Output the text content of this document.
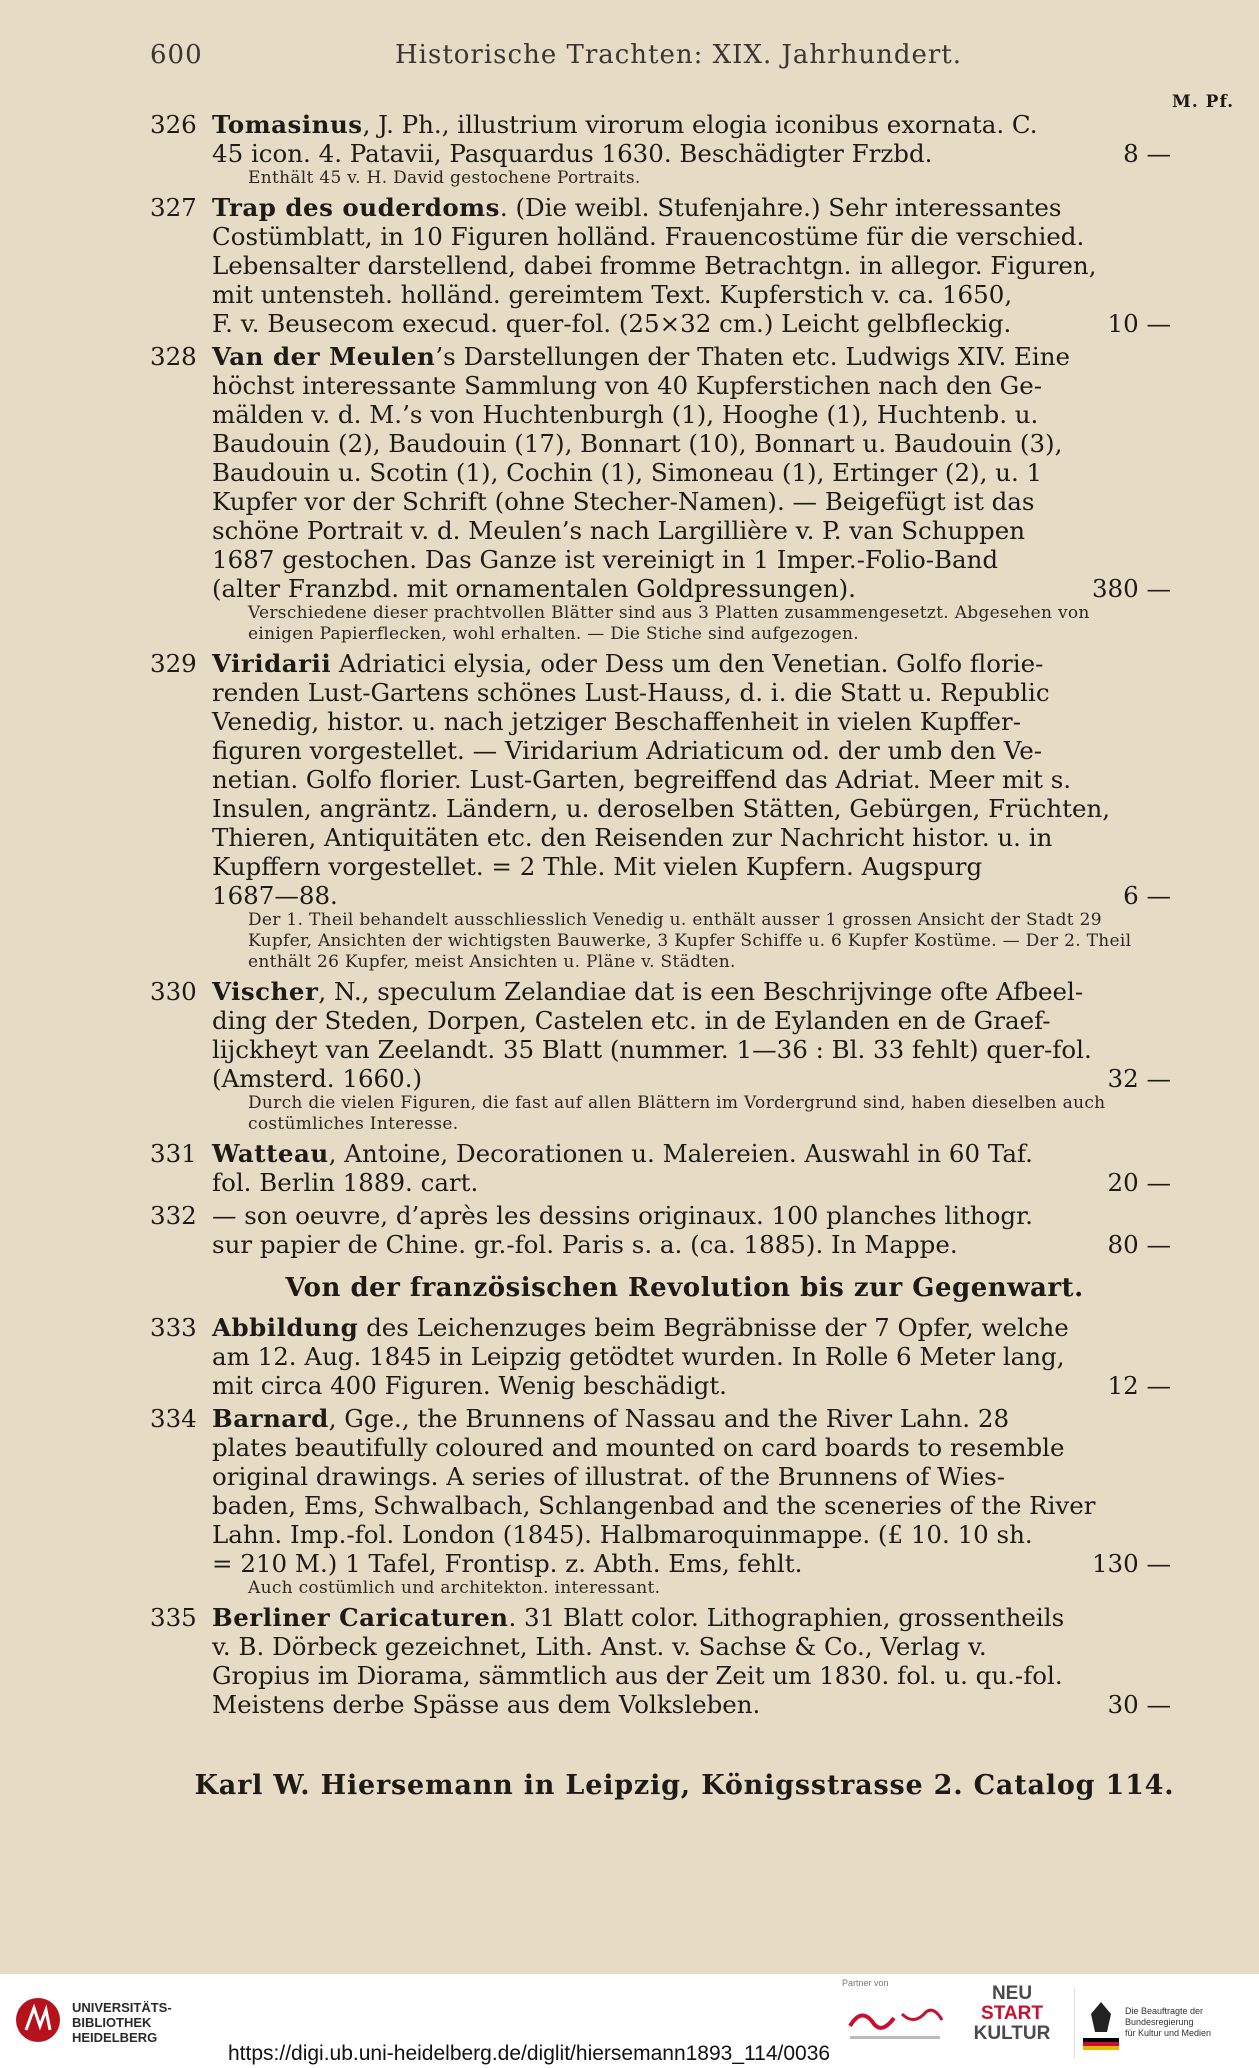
600	Historische Trachten: XIX. Jahrhundert.
M. Pf.
326 Tomasinus, J. Ph., illustrium virorum elogia iconibus exornata. C.
45 icon. 4. Patavii, Pasquardus 1630. Beschädigter Frzbd.	8 —
Enthält 45 v. H. David gestochene Portraits.
327 Trap des ouderdoms. (Die weibl. Stufenjahre.) Sehr interessantes
Costümblatt, in 10 Figuren holländ. Frauencostüme für die verschied.
Lebensalter darstellend, dabei fromme Betrachtgn. in allegor. Figuren,
mit untensteh. holländ. gereimtem Text. Kupferstich v. ca. 1650,
F. v. Beusecom execud. quer-fol. (25×32 cm.) Leicht gelbfleckig.	10 —
328 Van der Meulen’s Darstellungen der Thaten etc. Ludwigs XIV. Eine
höchst interessante Sammlung von 40 Kupferstichen nach den Ge-
mälden v. d. M.’s von Huchtenburgh (1), Hooghe (1), Huchtenb. u.
Baudouin (2), Baudouin (17), Bonnart (10), Bonnart u. Baudouin (3),
Baudouin u. Scotin (1), Cochin (1), Simoneau (1), Ertinger (2), u. 1
Kupfer vor der Schrift (ohne Stecher-Namen). — Beigefügt ist das
schöne Portrait v. d. Meulen’s nach Largillière v. P. van Schuppen
1687 gestochen. Das Ganze ist vereinigt in 1 Imper.-Folio-Band
(alter Franzbd. mit ornamentalen Goldpressungen).	380 —
Verschiedene dieser prachtvollen Blätter sind aus 3 Platten zusammengesetzt. Abgesehen von einigen Papierflecken, wohl erhalten. — Die Stiche sind aufgezogen.
329 Viridarii Adriatici elysia, oder Dess um den Venetian. Golfo florie-
renden Lust-Gartens schönes Lust-Hauss, d. i. die Statt u. Republic
Venedig, histor. u. nach jetziger Beschaffenheit in vielen Kupffer-
figuren vorgestellet. — Viridarium Adriaticum od. der umb den Ve-
netian. Golfo florier. Lust-Garten, begreiffend das Adriat. Meer mit s.
Insulen, angräntz. Ländern, u. deroselben Stätten, Gebürgen, Früchten,
Thieren, Antiquitäten etc. den Reisenden zur Nachricht histor. u. in
Kupffern vorgestellet. = 2 Thle. Mit vielen Kupfern. Augspurg
1687—88.	6 —
Der 1. Theil behandelt ausschliesslich Venedig u. enthält ausser 1 grossen Ansicht der Stadt 29 Kupfer, Ansichten der wichtigsten Bauwerke, 3 Kupfer Schiffe u. 6 Kupfer Kostüme. — Der 2. Theil enthält 26 Kupfer, meist Ansichten u. Pläne v. Städten.
330 Vischer, N., speculum Zelandiae dat is een Beschrijvinge ofte Afbeel-
ding der Steden, Dorpen, Castelen etc. in de Eylanden en de Graef-
lijckheyt van Zeelandt. 35 Blatt (nummer. 1—36 : Bl. 33 fehlt) quer-fol.
(Amsterd. 1660.)	32 —
Durch die vielen Figuren, die fast auf allen Blättern im Vordergrund sind, haben dieselben auch costümliches Interesse.
331 Watteau, Antoine, Decorationen u. Malereien. Auswahl in 60 Taf.
fol. Berlin 1889. cart.	20 —
332 — son oeuvre, d’après les dessins originaux. 100 planches lithogr.
sur papier de Chine. gr.-fol. Paris s. a. (ca. 1885). In Mappe.	80 —
Von der französischen Revolution bis zur Gegenwart.
333 Abbildung des Leichenzuges beim Begräbnisse der 7 Opfer, welche
am 12. Aug. 1845 in Leipzig getödtet wurden. In Rolle 6 Meter lang,
mit circa 400 Figuren. Wenig beschädigt.	12 —
334 Barnard, Gge., the Brunnens of Nassau and the River Lahn. 28
plates beautifully coloured and mounted on card boards to resemble
original drawings. A series of illustrat. of the Brunnens of Wies-
baden, Ems, Schwalbach, Schlangenbad and the sceneries of the River
Lahn. Imp.-fol. London (1845). Halbmaroquinmappe. (£ 10. 10 sh.
= 210 M.) 1 Tafel, Frontisp. z. Abth. Ems, fehlt.	130 —
Auch costümlich und architekton. interessant.
335 Berliner Caricaturen. 31 Blatt color. Lithographien, grossentheils
v. B. Dörbeck gezeichnet, Lith. Anst. v. Sachse & Co., Verlag v.
Gropius im Diorama, sämmtlich aus der Zeit um 1830. fol. u. qu.-fol.
Meistens derbe Spässe aus dem Volksleben.	30 —
Karl W. Hiersemann in Leipzig, Königsstrasse 2. Catalog 114.
UNIVERSITÄTS-
BIBLIOTHEK
HEIDELBERG
Partner von	NEU
START
KULTUR
Die Beauftragte der Bundesregierung
für Kultur und Medien
https://digi.ub.uni-heidelberg.de/diglit/hiersemann1893_114/0036
